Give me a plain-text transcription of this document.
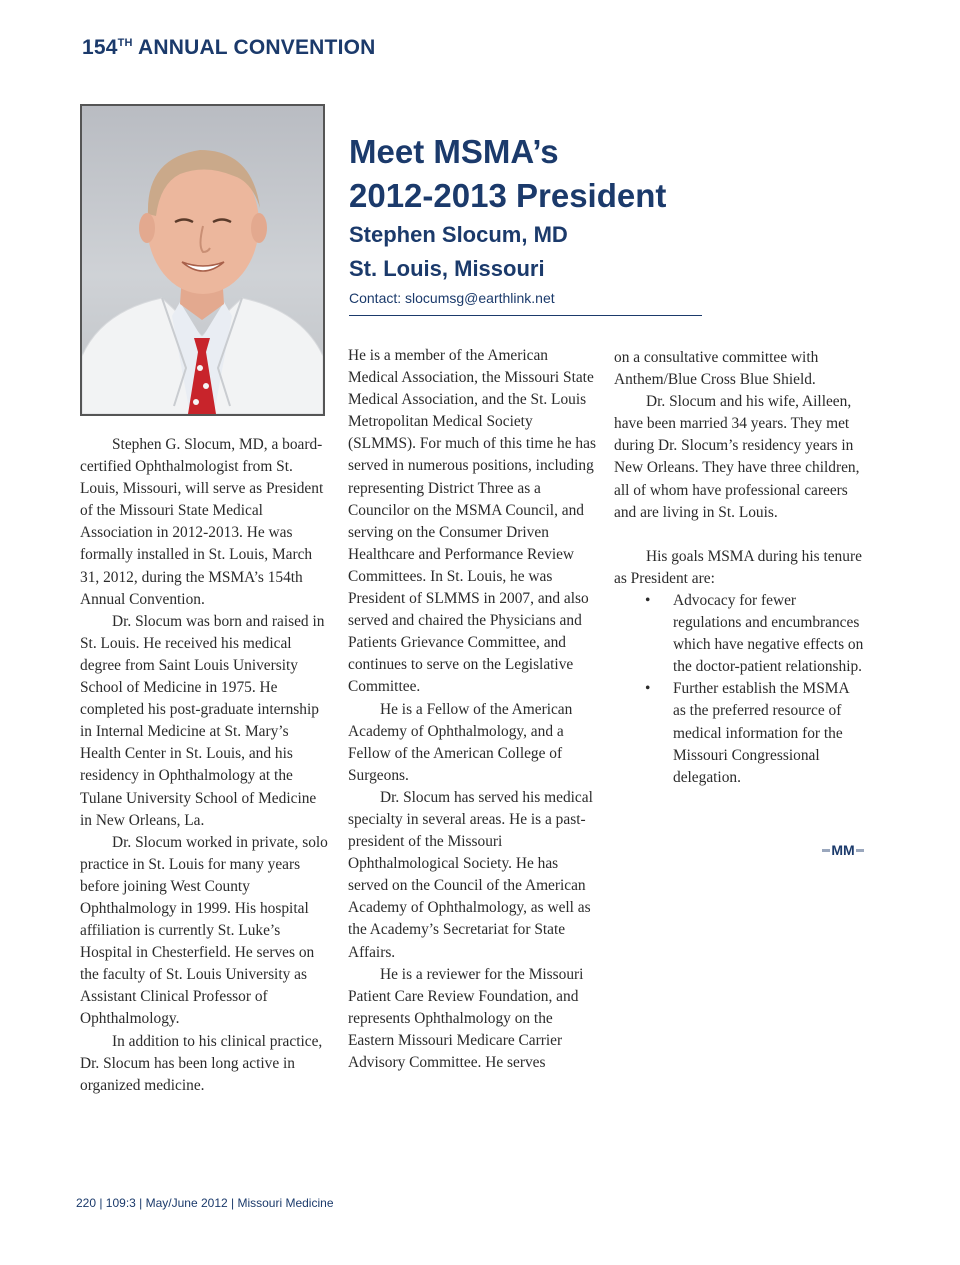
154TH ANNUAL CONVENTION
Meet MSMA’s
2012-2013 President
Stephen Slocum, MD
St. Louis, Missouri
Contact: slocumsg@earthlink.net

Stephen G. Slocum, MD, a board-certified Ophthalmologist from St. Louis, Missouri, will serve as President of the Missouri State Medical Association in 2012-2013. He was formally installed in St. Louis, March 31, 2012, during the MSMA’s 154th Annual Convention.

Dr. Slocum was born and raised in St. Louis. He received his medical degree from Saint Louis University School of Medicine in 1975. He completed his post-graduate internship in Internal Medicine at St. Mary’s Health Center in St. Louis, and his residency in Ophthalmology at the Tulane University School of Medicine in New Orleans, La.

Dr. Slocum worked in private, solo practice in St. Louis for many years before joining West County Ophthalmology in 1999. His hospital affiliation is currently St. Luke’s Hospital in Chesterfield. He serves on the faculty of St. Louis University as Assistant Clinical Professor of Ophthalmology.

In addition to his clinical practice, Dr. Slocum has been long active in organized medicine.

He is a member of the American Medical Association, the Missouri State Medical Association, and the St. Louis Metropolitan Medical Society (SLMMS). For much of this time he has served in numerous positions, including representing District Three as a Councilor on the MSMA Council, and serving on the Consumer Driven Healthcare and Performance Review Committees. In St. Louis, he was President of SLMMS in 2007, and also served and chaired the Physicians and Patients Grievance Committee, and continues to serve on the Legislative Committee.

He is a Fellow of the American Academy of Ophthalmology, and a Fellow of the American College of Surgeons.

Dr. Slocum has served his medical specialty in several areas. He is a past-president of the Missouri Ophthalmological Society. He has served on the Council of the American Academy of Ophthalmology, as well as the Academy’s Secretariat for State Affairs.

He is a reviewer for the Missouri Patient Care Review Foundation, and represents Ophthalmology on the Eastern Missouri Medicare Carrier Advisory Committee. He serves

on a consultative committee with Anthem/Blue Cross Blue Shield.

Dr. Slocum and his wife, Ailleen, have been married 34 years. They met during Dr. Slocum’s residency years in New Orleans. They have three children, all of whom have professional careers and are living in St. Louis.

His goals MSMA during his tenure as President are:

• Advocacy for fewer regulations and encumbrances which have negative effects on the doctor-patient relationship.
• Further establish the MSMA as the preferred resource of medical information for the Missouri Congressional delegation.
MM
220 | 109:3 | May/June 2012 | Missouri Medicine
